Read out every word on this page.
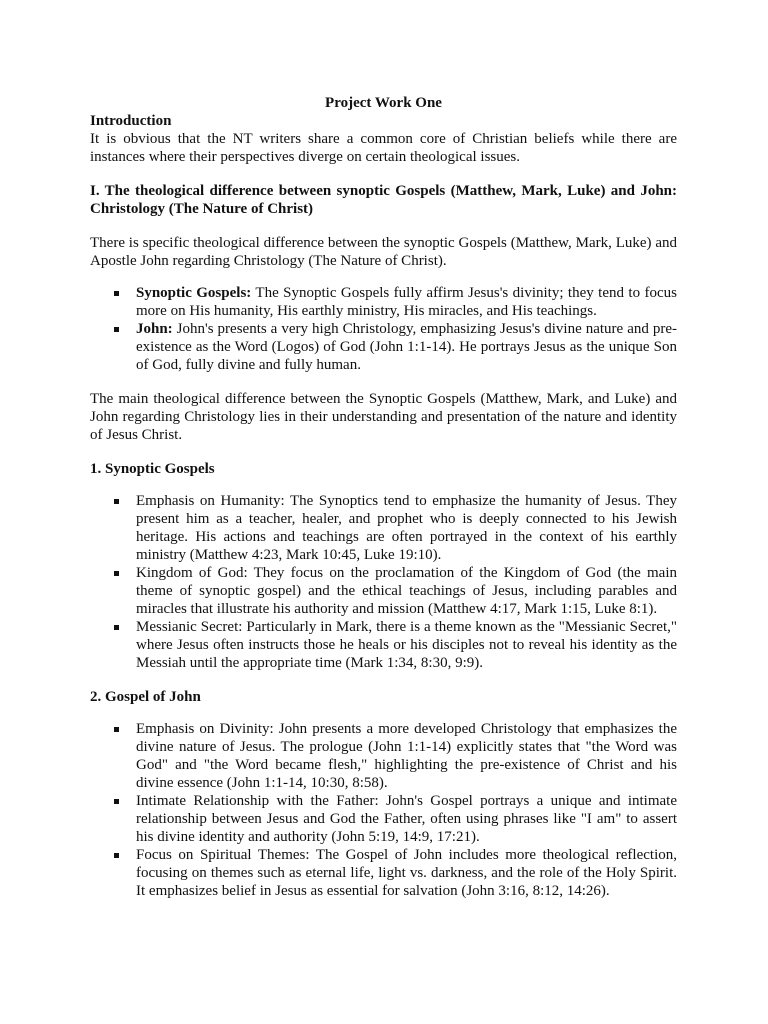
Project Work One

Introduction

It is obvious that the NT writers share a common core of Christian beliefs while there are instances where their perspectives diverge on certain theological issues.

I. The theological difference between synoptic Gospels (Matthew, Mark, Luke) and John: Christology (The Nature of Christ)

There is specific theological difference between the synoptic Gospels (Matthew, Mark, Luke) and Apostle John regarding Christology (The Nature of Christ).

Synoptic Gospels: The Synoptic Gospels fully affirm Jesus's divinity; they tend to focus more on His humanity, His earthly ministry, His miracles, and His teachings.
John: John's presents a very high Christology, emphasizing Jesus's divine nature and pre-existence as the Word (Logos) of God (John 1:1-14). He portrays Jesus as the unique Son of God, fully divine and fully human.

The main theological difference between the Synoptic Gospels (Matthew, Mark, and Luke) and John regarding Christology lies in their understanding and presentation of the nature and identity of Jesus Christ.

1. Synoptic Gospels

Emphasis on Humanity: The Synoptics tend to emphasize the humanity of Jesus. They present him as a teacher, healer, and prophet who is deeply connected to his Jewish heritage. His actions and teachings are often portrayed in the context of his earthly ministry (Matthew 4:23, Mark 10:45, Luke 19:10).
Kingdom of God: They focus on the proclamation of the Kingdom of God (the main theme of synoptic gospel) and the ethical teachings of Jesus, including parables and miracles that illustrate his authority and mission (Matthew 4:17, Mark 1:15, Luke 8:1).
Messianic Secret: Particularly in Mark, there is a theme known as the "Messianic Secret," where Jesus often instructs those he heals or his disciples not to reveal his identity as the Messiah until the appropriate time (Mark 1:34, 8:30, 9:9).

2. Gospel of John

Emphasis on Divinity: John presents a more developed Christology that emphasizes the divine nature of Jesus. The prologue (John 1:1-14) explicitly states that "the Word was God" and "the Word became flesh," highlighting the pre-existence of Christ and his divine essence (John 1:1-14, 10:30, 8:58).
Intimate Relationship with the Father: John's Gospel portrays a unique and intimate relationship between Jesus and God the Father, often using phrases like "I am" to assert his divine identity and authority (John 5:19, 14:9, 17:21).
Focus on Spiritual Themes: The Gospel of John includes more theological reflection, focusing on themes such as eternal life, light vs. darkness, and the role of the Holy Spirit. It emphasizes belief in Jesus as essential for salvation (John 3:16, 8:12, 14:26).
